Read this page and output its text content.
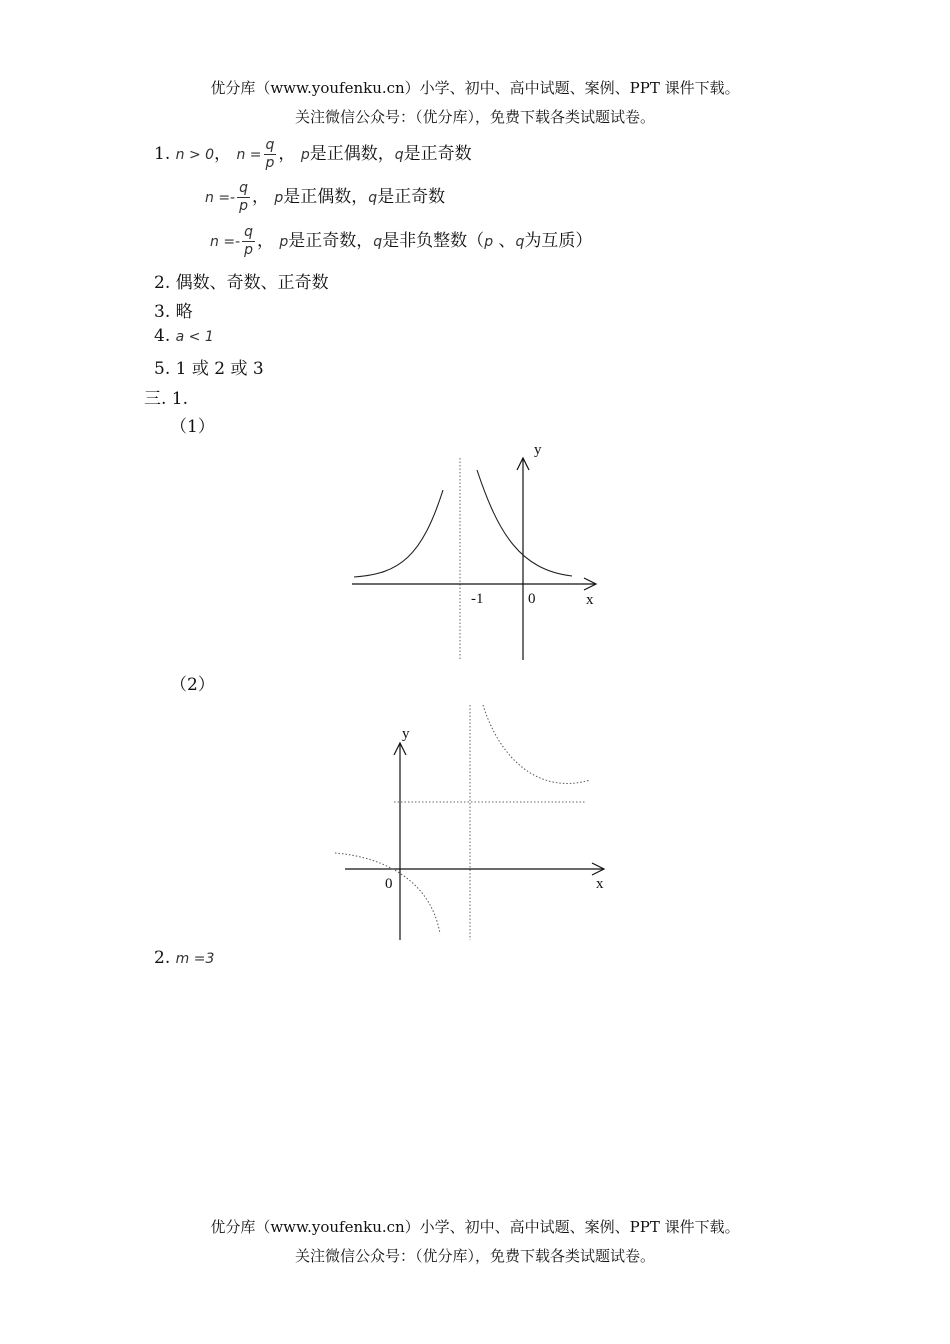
优分库（www.youfenku.cn）小学、初中、高中试题、案例、PPT 课件下载。
关注微信公众号：（优分库），免费下载各类试题试卷。
1. n > 0， $n = \frac{q}{p}$ ， p是正偶数，q是正奇数
$n =- \frac{q}{p}$ ， p是正偶数，q是正奇数
$n =- \frac{q}{p}$ ， p是正奇数，q是非负整数（p 、q为互质）
2. 偶数、奇数、正奇数
3. 略
4. a < 1
5. 1 或 2 或 3
三. 1.
（1）
y
x
-1	0
（2）
y
x
0
2. m =3
优分库（www.youfenku.cn）小学、初中、高中试题、案例、PPT 课件下载。
关注微信公众号：（优分库），免费下载各类试题试卷。
